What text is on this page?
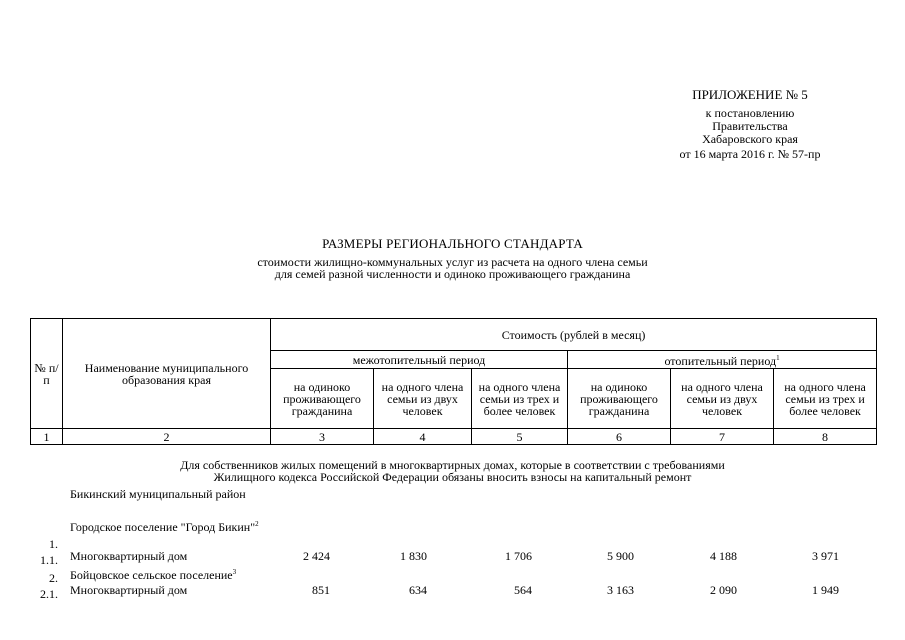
ПРИЛОЖЕНИЕ № 5
к постановлению
Правительства
Хабаровского края
от 16 марта 2016 г. № 57-пр
РАЗМЕРЫ РЕГИОНАЛЬНОГО СТАНДАРТА
стоимости жилищно-коммунальных услуг из расчета на одного члена семьи
для семей разной численности и одиноко проживающего гражданина
№ п/п	Наименование муниципального образования края	Стоимость (рублей в месяц)					
		межотопительный период			отопительный период$^1$
		на одиноко проживающего гражданина	на одного члена семьи из двух человек	на одного члена семьи из трех и более человек	на одиноко проживающего гражданина	на одного члена семьи из двух человек	на одного члена семьи из трех и более человек
1	2	3	4	5	6	7	8
Для собственников жилых помещений в многоквартирных домах, которые в соответствии с требованиями
Жилищного кодекса Российской Федерации обязаны вносить взносы на капитальный ремонт
Бикинский муниципальный район
1.
Городское поселение "Город Бикин"$^2$
1.1. Многоквартирный дом	2 424	1 830	1 706	5 900	4 188	3 971
2. Бойцовское сельское поселение$^3$
2.1. Многоквартирный дом	851	634	564	3 163	2 090	1 949
